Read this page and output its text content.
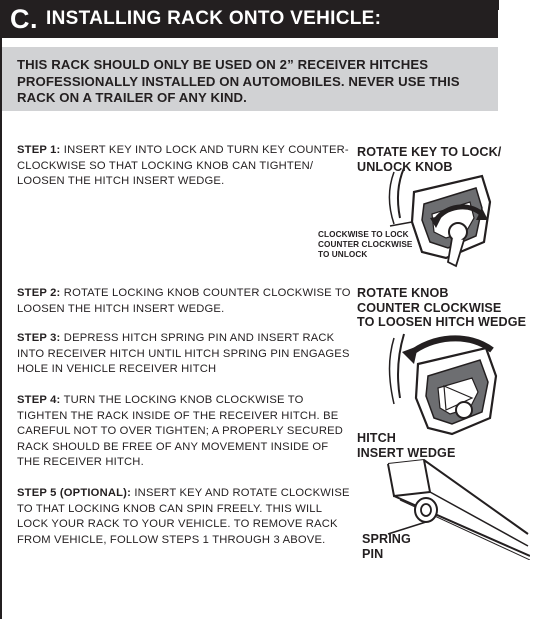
C. INSTALLING RACK ONTO VEHICLE:
THIS RACK SHOULD ONLY BE USED ON 2” RECEIVER HITCHES PROFESSIONALLY INSTALLED ON AUTOMOBILES. NEVER USE THIS RACK ON A TRAILER OF ANY KIND.
STEP 1: INSERT KEY INTO LOCK AND TURN KEY COUNTER-CLOCKWISE SO THAT LOCKING KNOB CAN TIGHTEN/ LOOSEN THE HITCH INSERT WEDGE.
STEP 2: ROTATE LOCKING KNOB COUNTER CLOCKWISE TO LOOSEN THE HITCH INSERT WEDGE.
STEP 3: DEPRESS HITCH SPRING PIN AND INSERT RACK INTO RECEIVER HITCH UNTIL HITCH SPRING PIN ENGAGES HOLE IN VEHICLE RECEIVER HITCH
STEP 4: TURN THE LOCKING KNOB CLOCKWISE TO TIGHTEN THE RACK INSIDE OF THE RECEIVER HITCH. BE CAREFUL NOT TO OVER TIGHTEN; A PROPERLY SECURED RACK SHOULD BE FREE OF ANY MOVEMENT INSIDE OF THE RECEIVER HITCH.
STEP 5 (OPTIONAL): INSERT KEY AND ROTATE CLOCKWISE TO THAT LOCKING KNOB CAN SPIN FREELY. THIS WILL LOCK YOUR RACK TO YOUR VEHICLE. TO REMOVE RACK FROM VEHICLE, FOLLOW STEPS 1 THROUGH 3 ABOVE.
ROTATE KEY TO LOCK/
UNLOCK KNOB
CLOCKWISE TO LOCK
COUNTER CLOCKWISE
TO UNLOCK
ROTATE KNOB
COUNTER CLOCKWISE
TO LOOSEN HITCH WEDGE
HITCH
INSERT WEDGE
SPRING
PIN
